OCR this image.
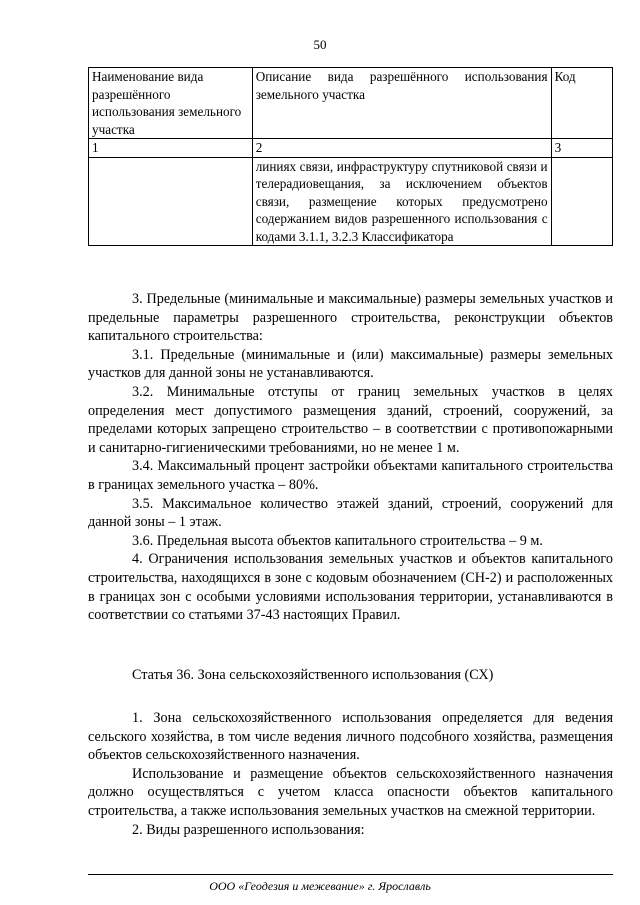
50
Наименование вида разрешённого использования земельного участка	Описание вида разрешённого использования земельного участка	Код
1	2	3
	линиях связи, инфраструктуру спутниковой связи и телерадиовещания, за исключением объектов связи, размещение которых предусмотрено содержанием видов разрешенного использования с кодами 3.1.1, 3.2.3 Классификатора	

3. Предельные (минимальные и максимальные) размеры земельных участков и предельные параметры разрешенного строительства, реконструкции объектов капитального строительства:

3.1. Предельные (минимальные и (или) максимальные) размеры земельных участков для данной зоны не устанавливаются.

3.2. Минимальные отступы от границ земельных участков в целях определения мест допустимого размещения зданий, строений, сооружений, за пределами которых запрещено строительство – в соответствии с противопожарными и санитарно-гигиеническими требованиями, но не менее 1 м.

3.4. Максимальный процент застройки объектами капитального строительства в границах земельного участка – 80%.

3.5. Максимальное количество этажей зданий, строений, сооружений для данной зоны – 1 этаж.

3.6. Предельная высота объектов капитального строительства – 9 м.

4. Ограничения использования земельных участков и объектов капитального строительства, находящихся в зоне с кодовым обозначением (СН-2) и расположенных в границах зон с особыми условиями использования территории, устанавливаются в соответствии со статьями 37-43 настоящих Правил.

Статья 36. Зона сельскохозяйственного использования (СХ)

1. Зона сельскохозяйственного использования определяется для ведения сельского хозяйства, в том числе ведения личного подсобного хозяйства, размещения объектов сельскохозяйственного назначения.

Использование и размещение объектов сельскохозяйственного назначения должно осуществляться с учетом класса опасности объектов капитального строительства, а также использования земельных участков на смежной территории.

2. Виды разрешенного использования:

ООО «Геодезия и межевание» г. Ярославль
